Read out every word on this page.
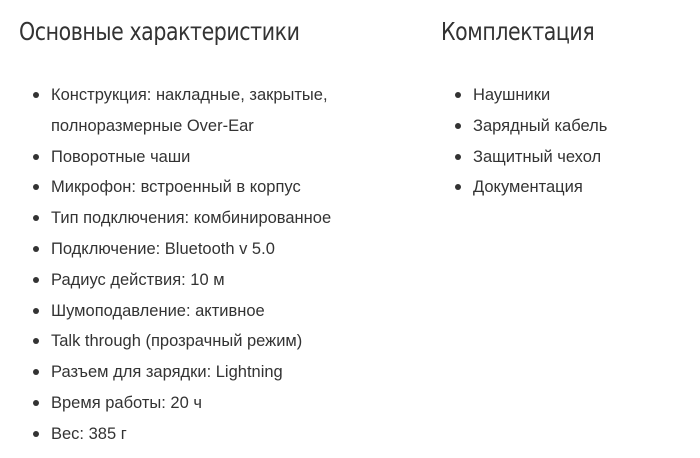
Основные характеристики
Конструкция: накладные, закрытые, полноразмерные Over-Ear
Поворотные чаши
Микрофон: встроенный в корпус
Тип подключения: комбинированное
Подключение: Bluetooth v 5.0
Радиус действия: 10 м
Шумоподавление: активное
Talk through (прозрачный режим)
Разъем для зарядки: Lightning
Время работы: 20 ч
Вес: 385 г
Комплектация
Наушники
Зарядный кабель
Защитный чехол
Документация
